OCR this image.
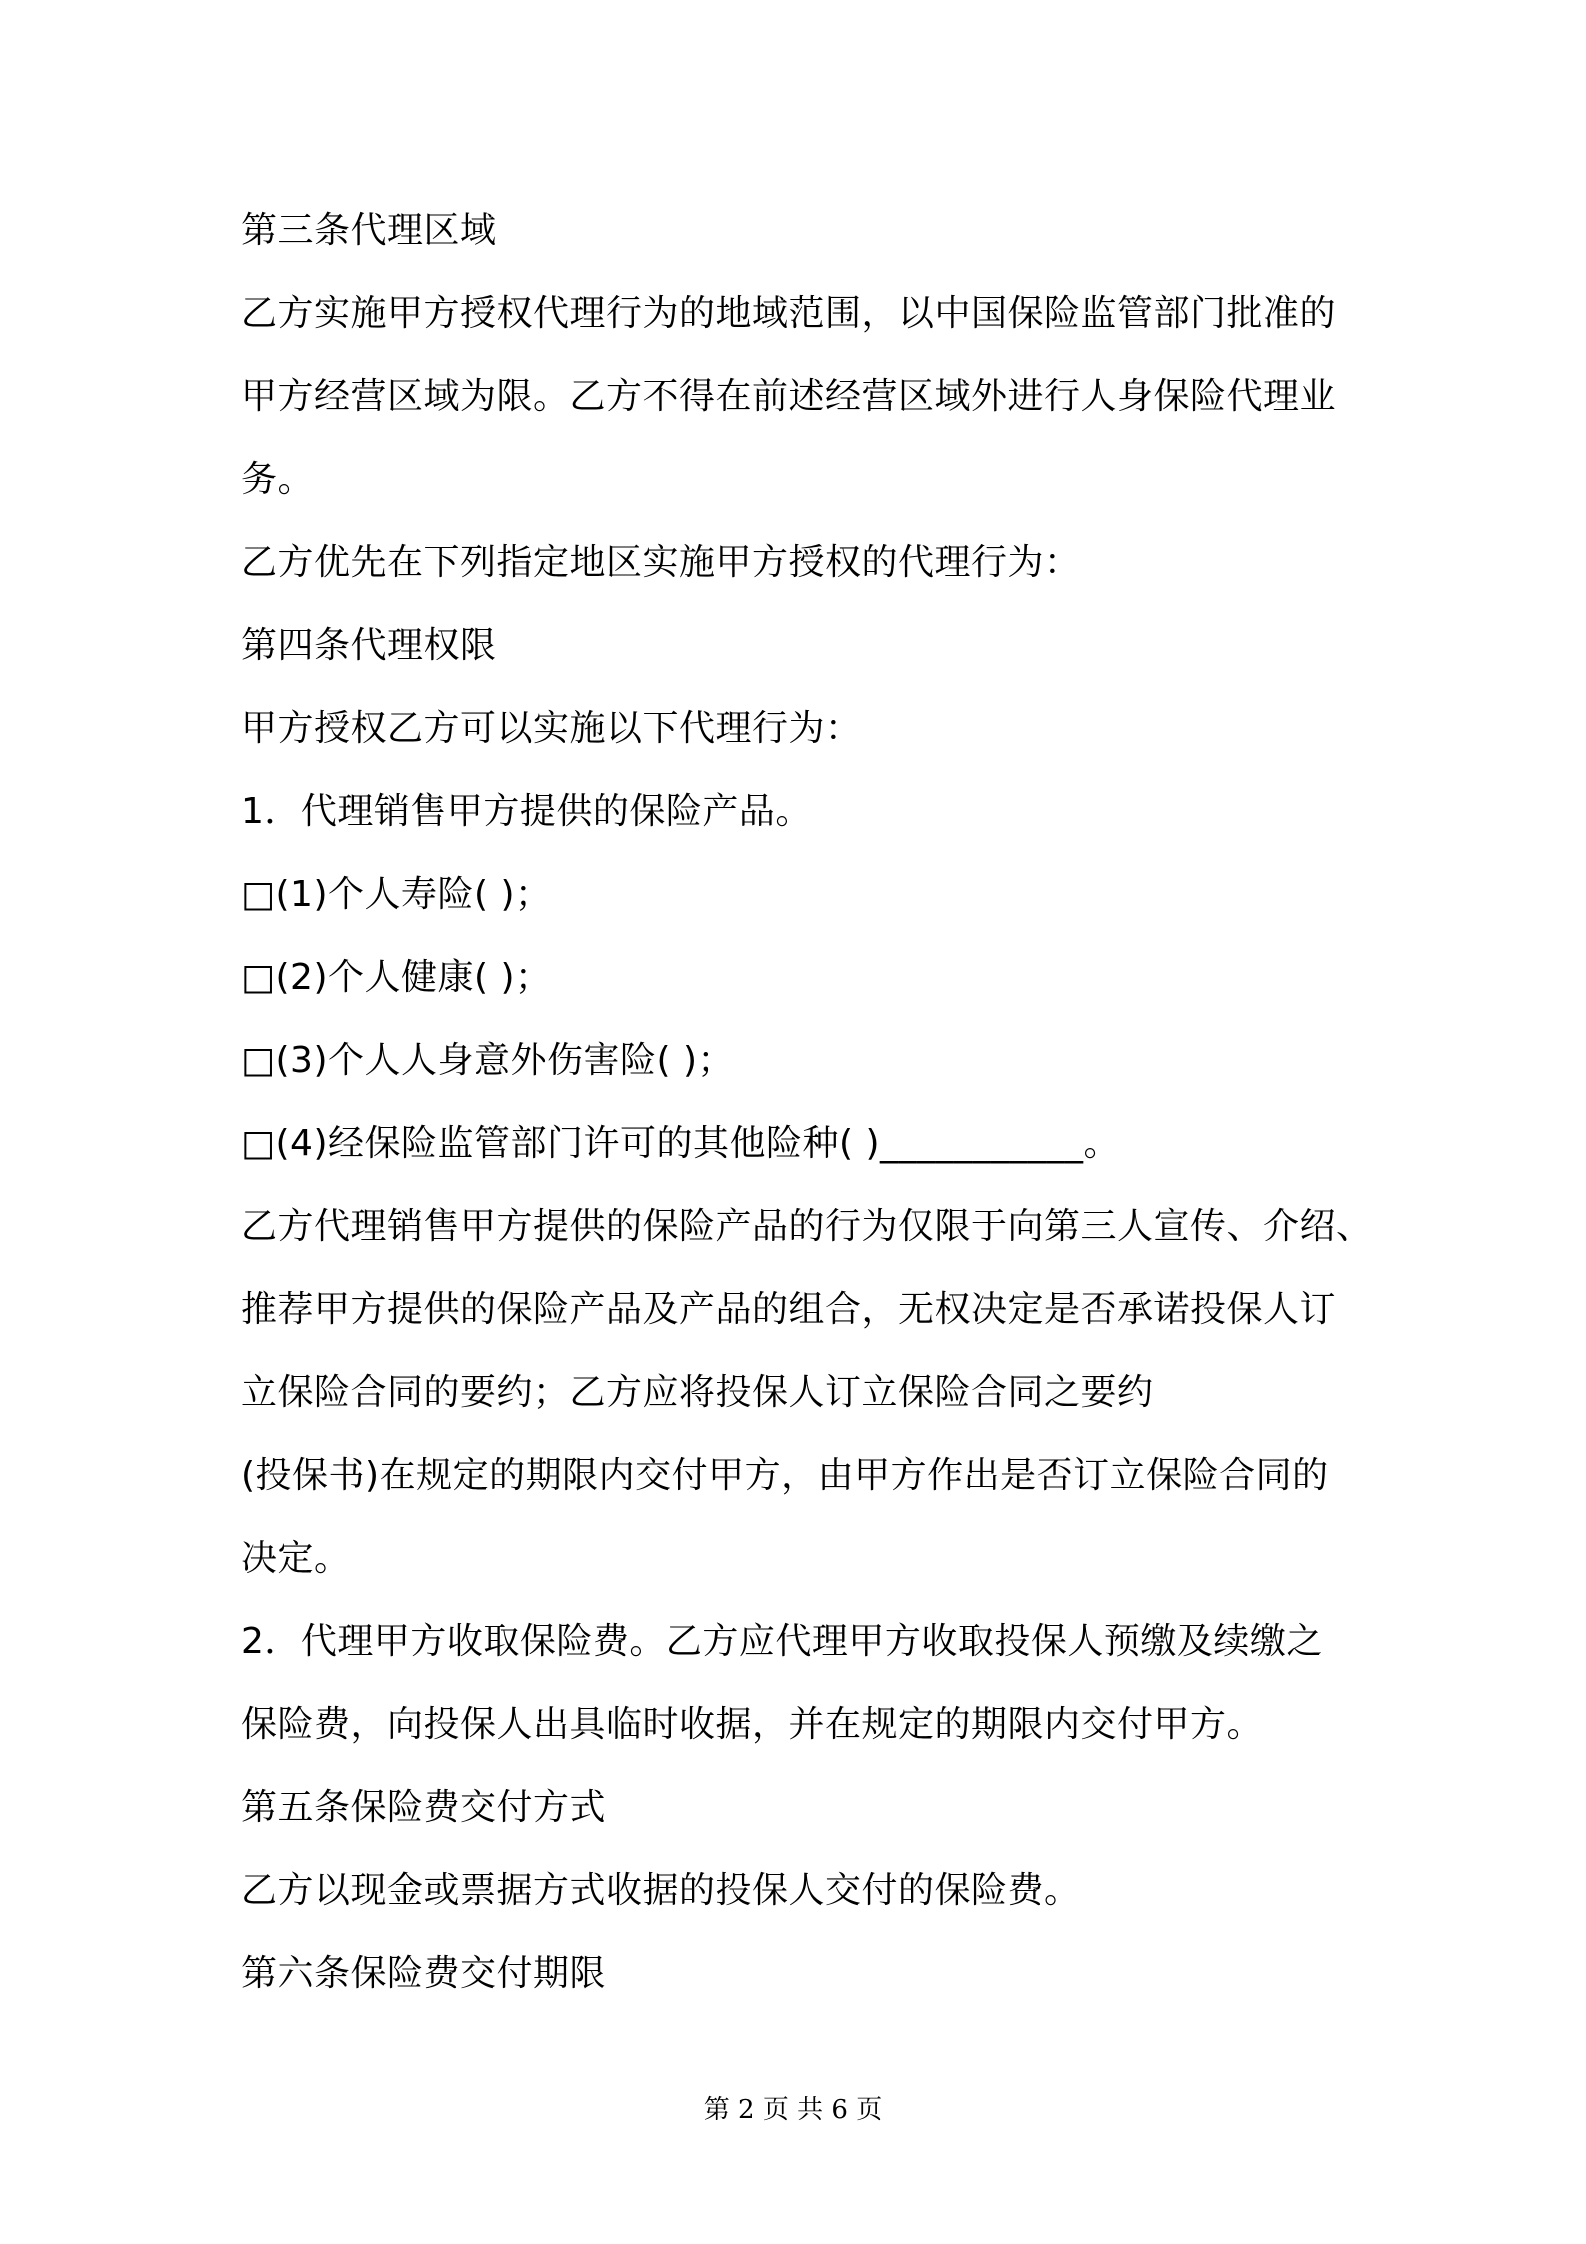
第三条代理区域
乙方实施甲方授权代理行为的地域范围，以中国保险监管部门批准的
甲方经营区域为限。乙方不得在前述经营区域外进行人身保险代理业
务。
乙方优先在下列指定地区实施甲方授权的代理行为：
第四条代理权限
甲方授权乙方可以实施以下代理行为：
1．代理销售甲方提供的保险产品。
□(1)个人寿险( )；
□(2)个人健康( )；
□(3)个人人身意外伤害险( )；
□(4)经保险监管部门许可的其他险种( )___________。
乙方代理销售甲方提供的保险产品的行为仅限于向第三人宣传、介绍、
推荐甲方提供的保险产品及产品的组合，无权决定是否承诺投保人订
立保险合同的要约；乙方应将投保人订立保险合同之要约
(投保书)在规定的期限内交付甲方，由甲方作出是否订立保险合同的
决定。
2．代理甲方收取保险费。乙方应代理甲方收取投保人预缴及续缴之
保险费，向投保人出具临时收据，并在规定的期限内交付甲方。
第五条保险费交付方式
乙方以现金或票据方式收据的投保人交付的保险费。
第六条保险费交付期限
第 2 页 共 6 页
